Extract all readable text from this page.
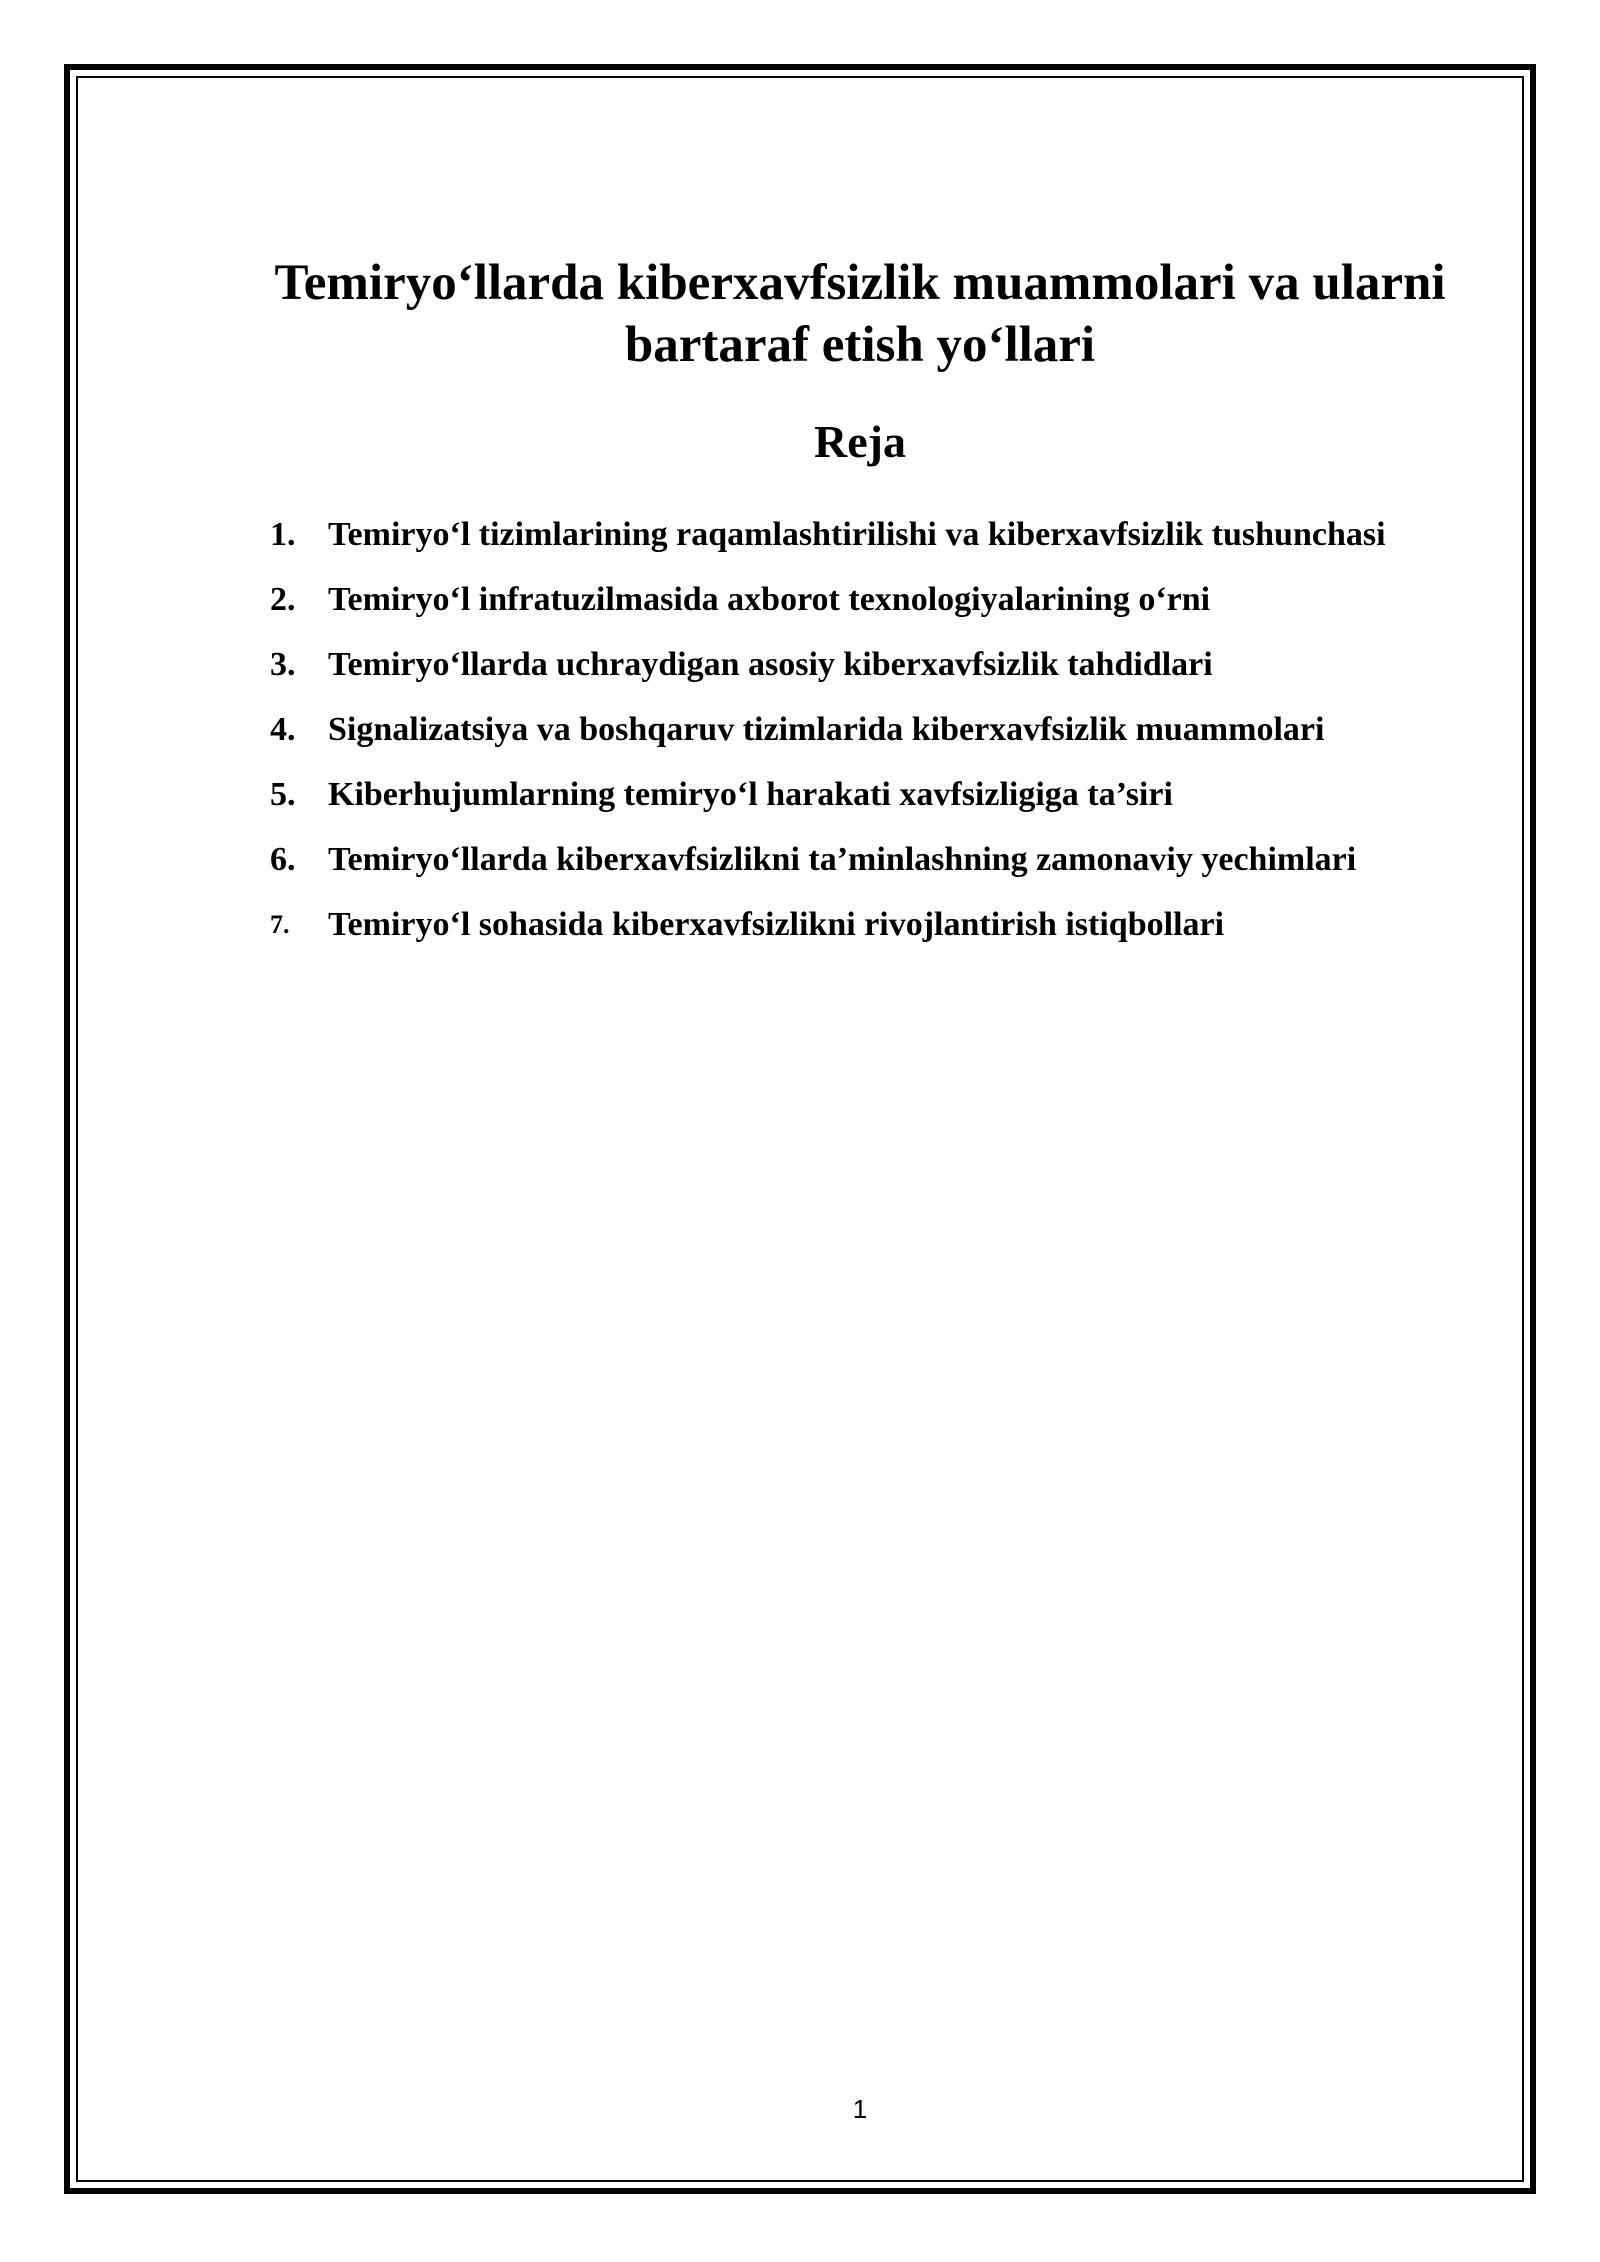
Temiryo‘llarda kiberxavfsizlik muammolari va ularni bartaraf etish yo‘llari
Reja
1. Temiryo‘l tizimlarining raqamlashtirilishi va kiberxavfsizlik tushunchasi
2. Temiryo‘l infratuzilmasida axborot texnologiyalarining o‘rni
3. Temiryo‘llarda uchraydigan asosiy kiberxavfsizlik tahdidlari
4. Signalizatsiya va boshqaruv tizimlarida kiberxavfsizlik muammolari
5. Kiberhujumlarning temiryo‘l harakati xavfsizligiga ta’siri
6. Temiryo‘llarda kiberxavfsizlikni ta’minlashning zamonaviy yechimlari
7.	Temiryo‘l sohasida kiberxavfsizlikni rivojlantirish istiqbollari
1
